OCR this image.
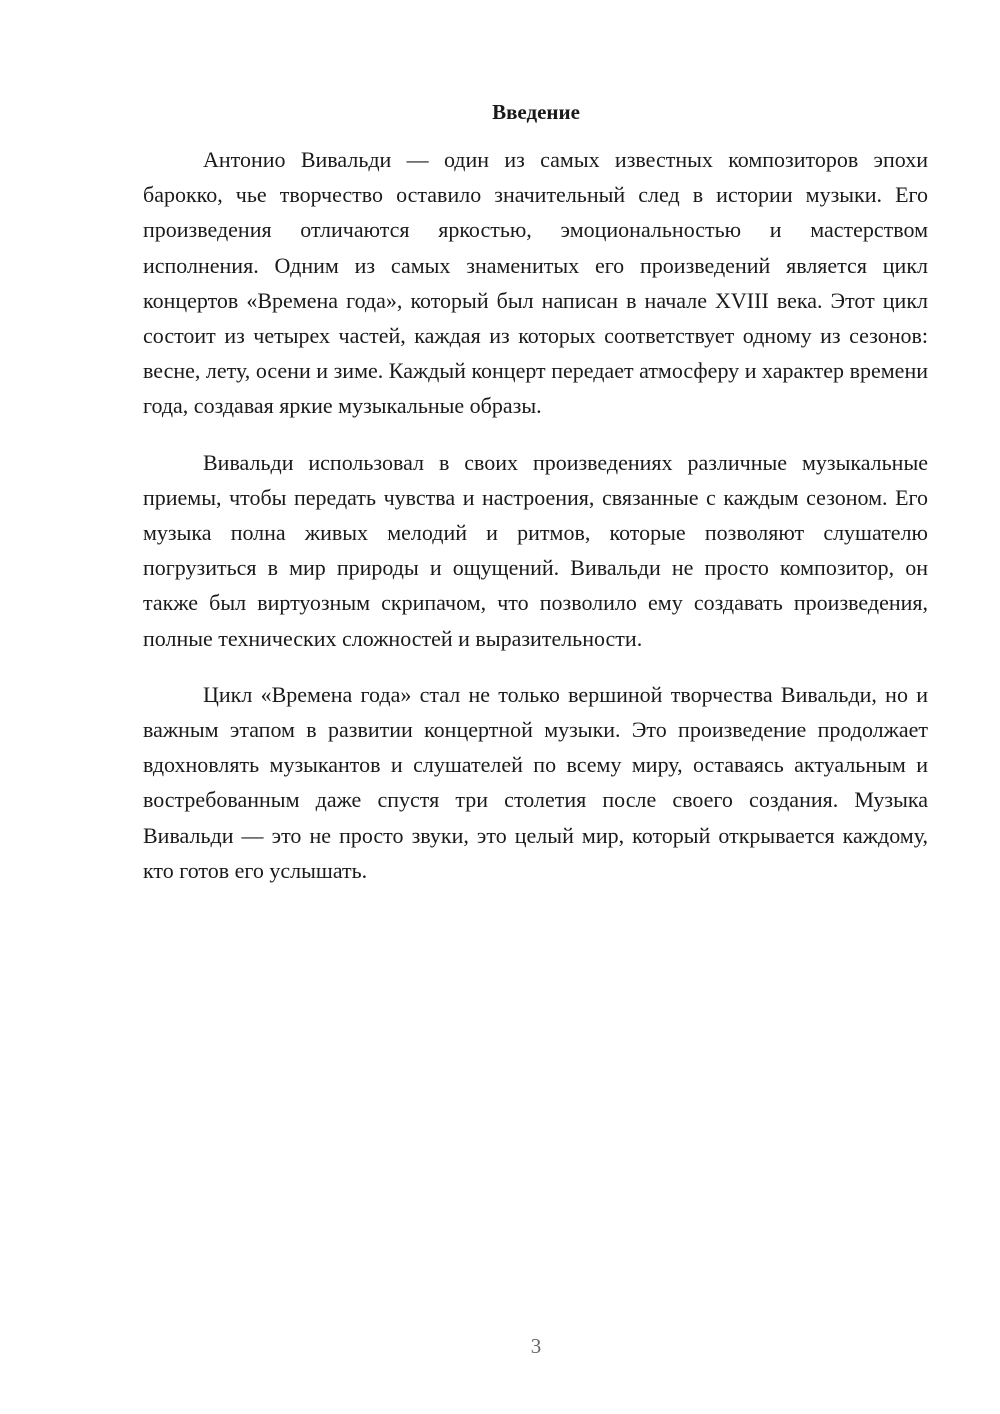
Введение

Антонио Вивальди — один из самых известных композиторов эпохи барокко, чье творчество оставило значительный след в истории музыки. Его произведения отличаются яркостью, эмоциональностью и мастерством исполнения. Одним из самых знаменитых его произведений является цикл концертов «Времена года», который был написан в начале XVIII века. Этот цикл состоит из четырех частей, каждая из которых соответствует одному из сезонов: весне, лету, осени и зиме. Каждый концерт передает атмосферу и характер времени года, создавая яркие музыкальные образы.

Вивальди использовал в своих произведениях различные музыкальные приемы, чтобы передать чувства и настроения, связанные с каждым сезоном. Его музыка полна живых мелодий и ритмов, которые позволяют слушателю погрузиться в мир природы и ощущений. Вивальди не просто композитор, он также был виртуозным скрипачом, что позволило ему создавать произведения, полные технических сложностей и выразительности.

Цикл «Времена года» стал не только вершиной творчества Вивальди, но и важным этапом в развитии концертной музыки. Это произведение продолжает вдохновлять музыкантов и слушателей по всему миру, оставаясь актуальным и востребованным даже спустя три столетия после своего создания. Музыка Вивальди — это не просто звуки, это целый мир, который открывается каждому, кто готов его услышать.

3
